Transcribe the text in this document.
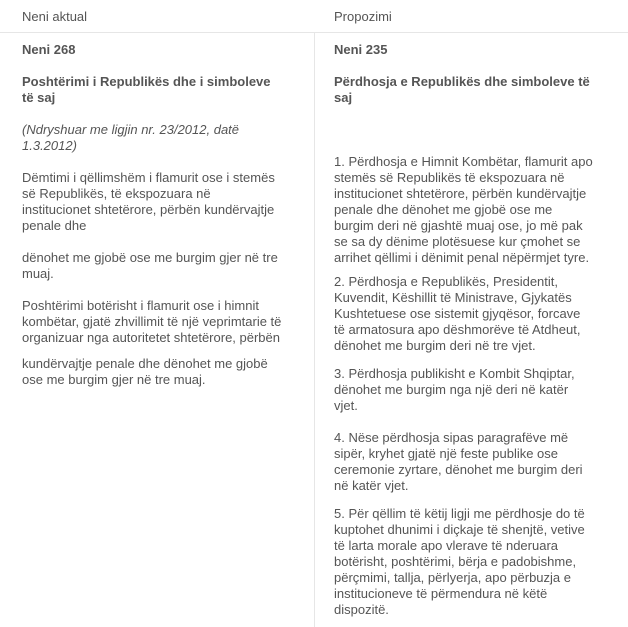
Neni aktual	Propozimi

Neni 268

Poshtërimi i Republikës dhe i simboleve
të saj

(Ndryshuar me ligjin nr. 23/2012, datë
1.3.2012)

Dëmtimi i qëllimshëm i flamurit ose i stemës
së Republikës, të ekspozuara në
institucionet shtetërore, përbën kundërvajtje
penale dhe

dënohet me gjobë ose me burgim gjer në tre
muaj.

Poshtërimi botërisht i flamurit ose i himnit
kombëtar, gjatë zhvillimit të një veprimtarie të
organizuar nga autoritetet shtetërore, përbën

kundërvajtje penale dhe dënohet me gjobë
ose me burgim gjer në tre muaj.

Neni 235

Përdhosja e Republikës dhe simboleve të
saj

1. Përdhosja e Himnit Kombëtar, flamurit apo
stemës së Republikës të ekspozuara në
institucionet shtetërore, përbën kundërvajtje
penale dhe dënohet me gjobë ose me
burgim deri në gjashtë muaj ose, jo më pak
se sa dy dënime plotësuese kur çmohet se
arrihet qëllimi i dënimit penal nëpërmjet tyre.

2. Përdhosja e Republikës, Presidentit,
Kuvendit, Këshillit të Ministrave, Gjykatës
Kushtetuese ose sistemit gjyqësor, forcave
të armatosura apo dëshmorëve të Atdheut,
dënohet me burgim deri në tre vjet.

3. Përdhosja publikisht e Kombit Shqiptar,
dënohet me burgim nga një deri në katër
vjet.

4. Nëse përdhosja sipas paragrafëve më
sipër, kryhet gjatë një feste publike ose
ceremonie zyrtare, dënohet me burgim deri
në katër vjet.

5. Për qëllim të këtij ligji me përdhosje do të
kuptohet dhunimi i diçkaje të shenjtë, vetive
të larta morale apo vlerave të nderuara
botërisht, poshtërimi, bërja e padobishme,
përçmimi, tallja, përlyerja, apo përbuzja e
institucioneve të përmendura në këtë
dispozitë.
